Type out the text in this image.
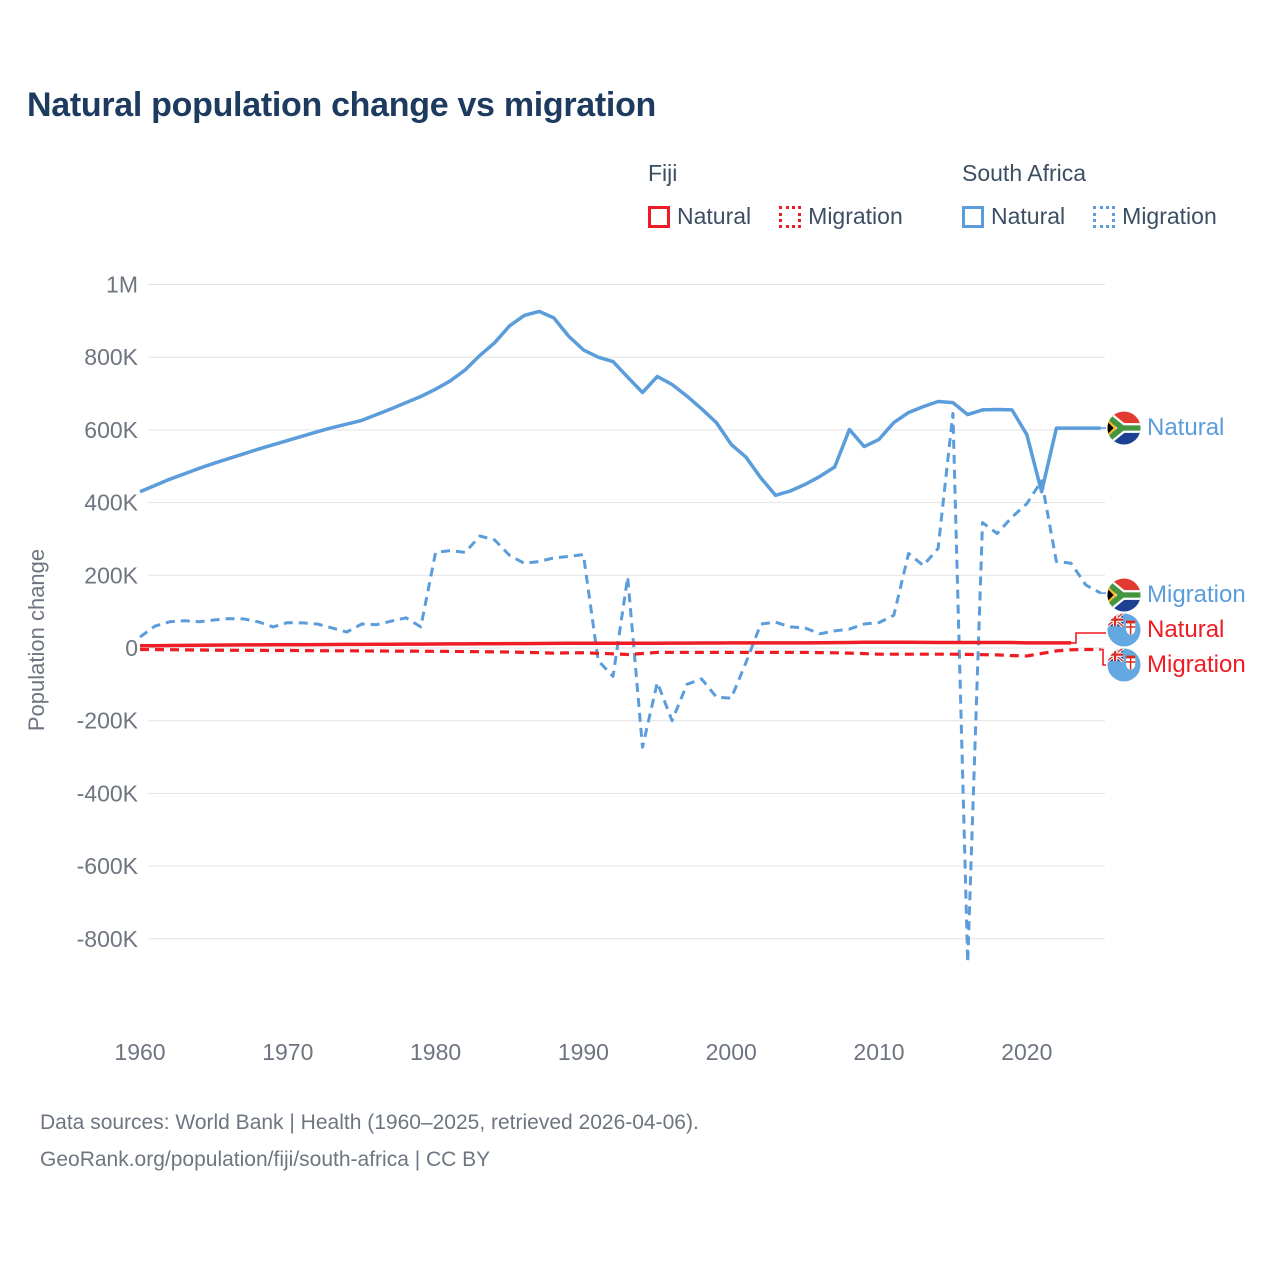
Natural population change vs migration
Fiji
Natural Migration
South Africa
Natural Migration
Population change
1M
800K
600K
400K
200K
0
-200K
-400K
-600K
-800K
1960	1970	1980	1990	2000	2010	2020
Natural
Migration
Natural
Migration
Data sources: World Bank | Health (1960–2025, retrieved 2026-04-06).
GeoRank.org/population/fiji/south-africa | CC BY
